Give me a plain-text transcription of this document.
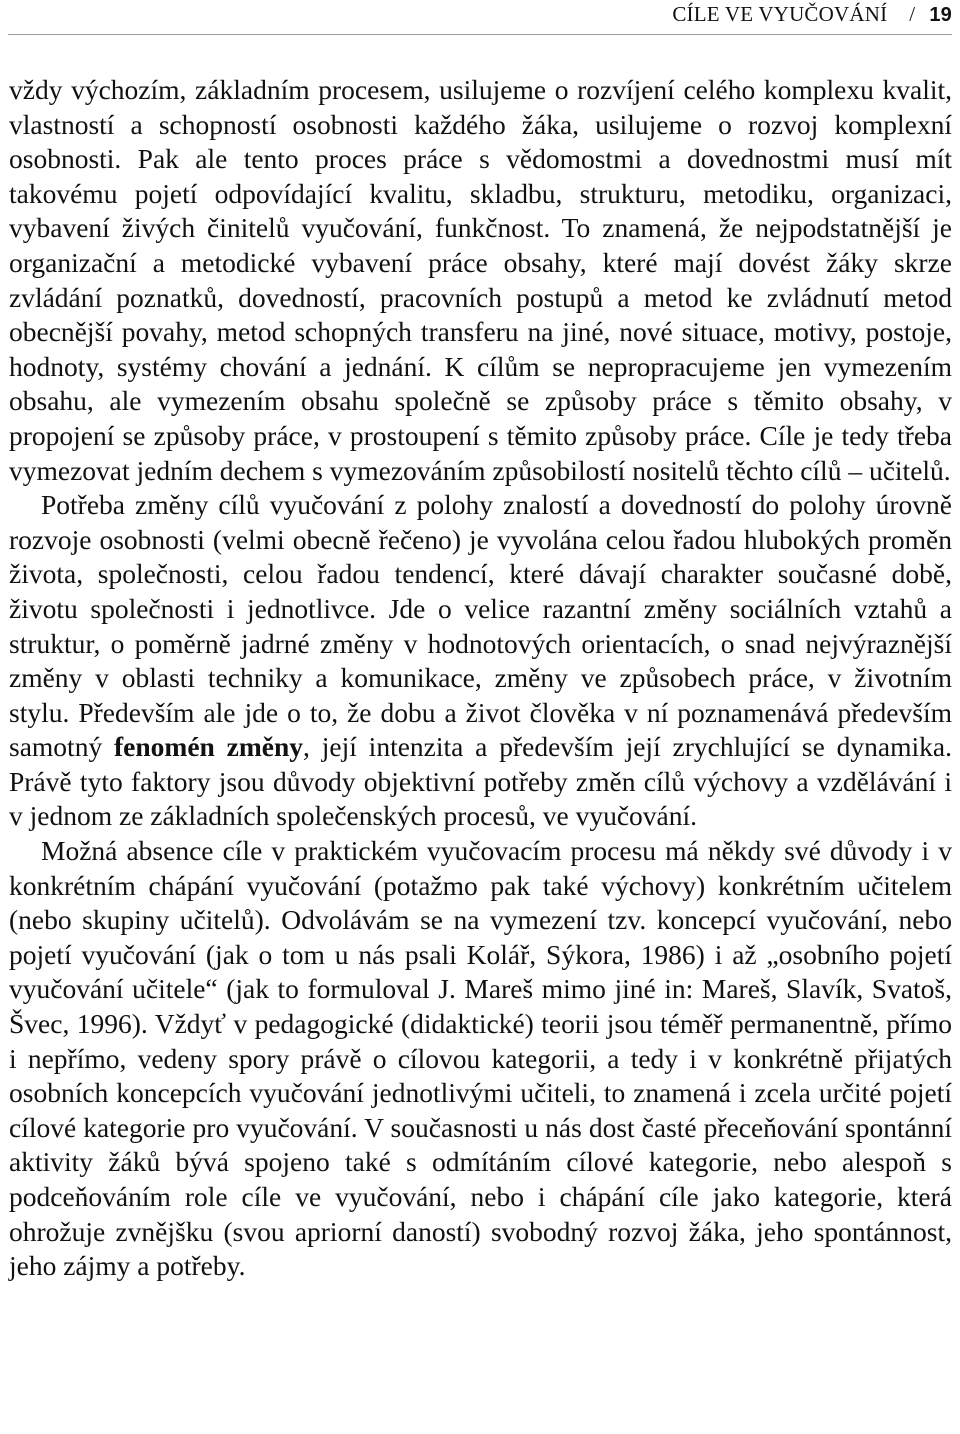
CÍLE VE VYUČOVÁNÍ / 19

vždy výchozím, základním procesem, usilujeme o rozvíjení celého komplexu kvalit, vlastností a schopností osobnosti každého žáka, usilujeme o rozvoj komplexní osobnosti. Pak ale tento proces práce s vědomostmi a dovednostmi musí mít takovému pojetí odpovídající kvalitu, skladbu, strukturu, metodiku, organizaci, vybavení živých činitelů vyučování, funkčnost. To znamená, že nejpodstatnější je organizační a metodické vybavení práce obsahy, které mají dovést žáky skrze zvládání poznatků, dovedností, pracovních postupů a metod ke zvládnutí metod obecnější povahy, metod schopných transferu na jiné, nové situace, motivy, postoje, hodnoty, systémy chování a jednání. K cílům se nepropracujeme jen vymezením obsahu, ale vymezením obsahu společně se způsoby práce s těmito obsahy, v propojení se způsoby práce, v prostoupení s těmito způsoby práce. Cíle je tedy třeba vymezovat jedním dechem s vymezováním způsobilostí nositelů těchto cílů – učitelů.

Potřeba změny cílů vyučování z polohy znalostí a dovedností do polohy úrovně rozvoje osobnosti (velmi obecně řečeno) je vyvolána celou řadou hlubokých proměn života, společnosti, celou řadou tendencí, které dávají charakter současné době, životu společnosti i jednotlivce. Jde o velice razantní změny sociálních vztahů a struktur, o poměrně jadrné změny v hodnotových orientacích, o snad nejvýraznější změny v oblasti techniky a komunikace, změny ve způsobech práce, v životním stylu. Především ale jde o to, že dobu a život člověka v ní poznamenává především samotný fenomén změny, její intenzita a především její zrychlující se dynamika. Právě tyto faktory jsou důvody objektivní potřeby změn cílů výchovy a vzdělávání i v jednom ze základních společenských procesů, ve vyučování.

Možná absence cíle v praktickém vyučovacím procesu má někdy své důvody i v konkrétním chápání vyučování (potažmo pak také výchovy) konkrétním učitelem (nebo skupiny učitelů). Odvolávám se na vymezení tzv. koncepcí vyučování, nebo pojetí vyučování (jak o tom u nás psali Kolář, Sýkora, 1986) i až „osobního pojetí vyučování učitele“ (jak to formuloval J. Mareš mimo jiné in: Mareš, Slavík, Svatoš, Švec, 1996). Vždyť v pedagogické (didaktické) teorii jsou téměř permanentně, přímo i nepřímo, vedeny spory právě o cílovou kategorii, a tedy i v konkrétně přijatých osobních koncepcích vyučování jednotlivými učiteli, to znamená i zcela určité pojetí cílové kategorie pro vyučování. V současnosti u nás dost časté přeceňování spontánní aktivity žáků bývá spojeno také s odmítáním cílové kategorie, nebo alespoň s podceňováním role cíle ve vyučování, nebo i chápání cíle jako kategorie, která ohrožuje zvnějšku (svou apriorní daností) svobodný rozvoj žáka, jeho spontánnost, jeho zájmy a potřeby.
